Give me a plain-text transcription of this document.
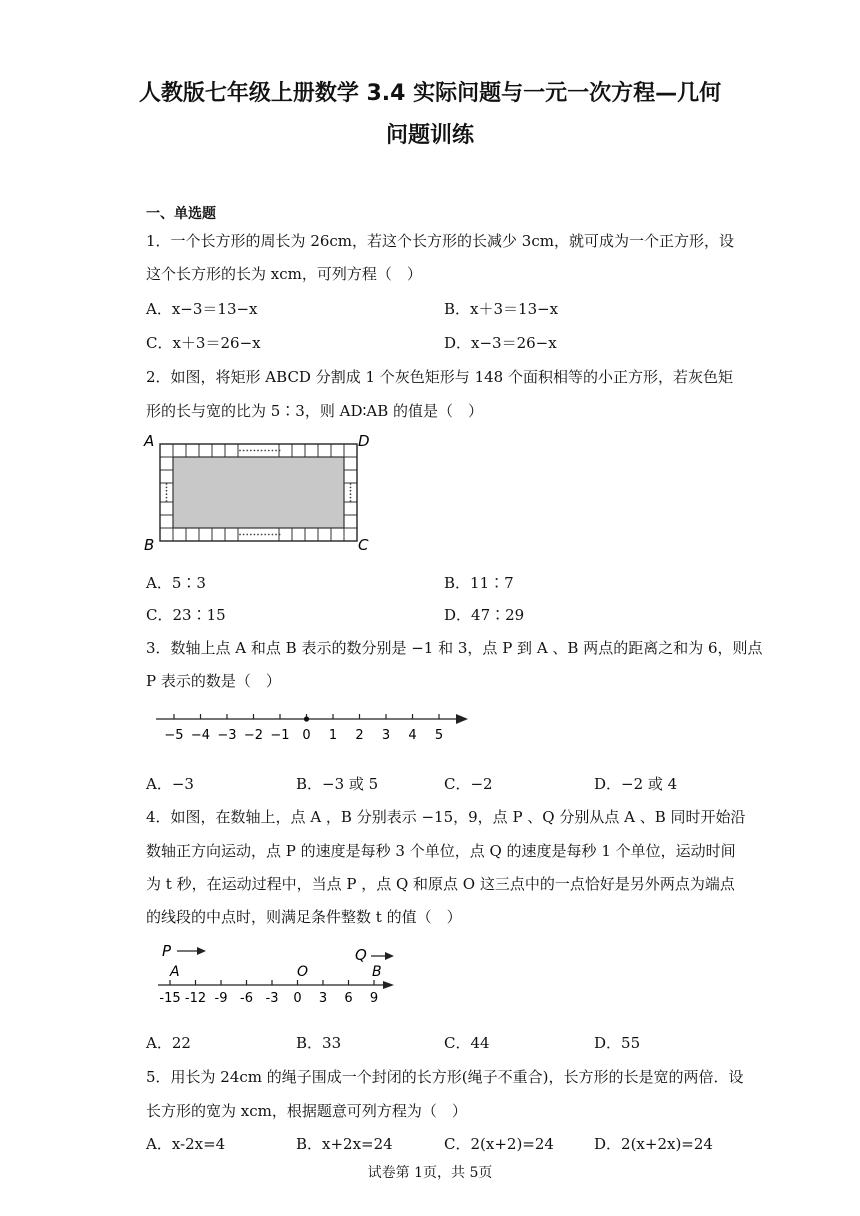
人教版七年级上册数学 3.4 实际问题与一元一次方程—几何
问题训练
一、单选题
1．一个长方形的周长为 26cm，若这个长方形的长减少 3cm，就可成为一个正方形，设
这个长方形的长为 xcm，可列方程（　）
A．x−3＝13−x	B．x＋3＝13−x
C．x＋3＝26−x	D．x−3＝26−x
2．如图，将矩形 ABCD 分割成 1 个灰色矩形与 148 个面积相等的小正方形，若灰色矩
形的长与宽的比为 5∶3，则 AD∶AB 的值是（　）
A	D
B	C
A．5∶3	B．11∶7
C．23∶15	D．47∶29
3．数轴上点 A 和点 B 表示的数分别是 −1 和 3，点 P 到 A 、B 两点的距离之和为 6，则点
P 表示的数是（　）
−5 −4 −3 −2 −1 0 1 2 3 4 5
A．−3	B．−3 或 5	C．−2	D．−2 或 4
4．如图，在数轴上，点 A ，B 分别表示 −15，9，点 P 、Q 分别从点 A 、B 同时开始沿
数轴正方向运动，点 P 的速度是每秒 3 个单位，点 Q 的速度是每秒 1 个单位，运动时间
为 t 秒，在运动过程中，当点 P ，点 Q 和原点 O 这三点中的一点恰好是另外两点为端点
的线段的中点时，则满足条件整数 t 的值（　）
P	Q
A	O	B
-15 -12 -9 -6 -3 0 3 6 9
A．22	B．33	C．44	D．55
5．用长为 24cm 的绳子围成一个封闭的长方形(绳子不重合)，长方形的长是宽的两倍．设
长方形的宽为 xcm，根据题意可列方程为（　）
A．x-2x=4	B．x+2x=24	C．2(x+2)=24	D．2(x+2x)=24
试卷第 1页，共 5页
